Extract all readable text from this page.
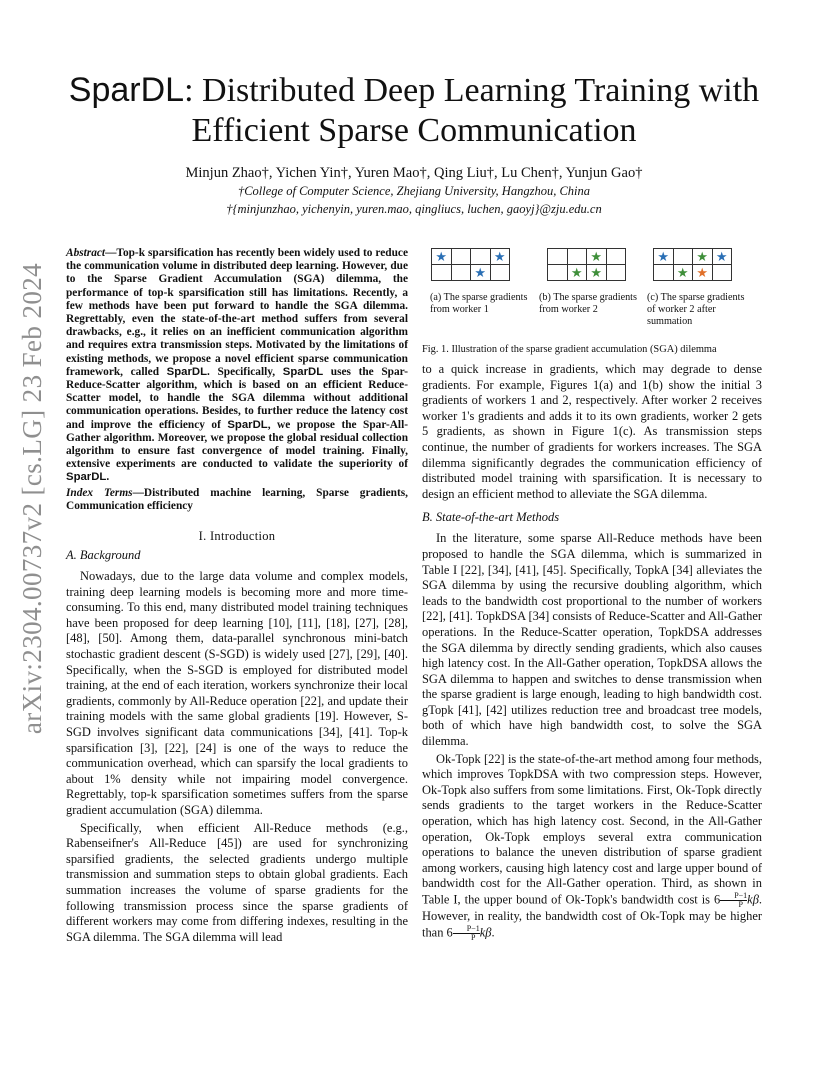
arXiv:2304.00737v2 [cs.LG] 23 Feb 2024
SparDL: Distributed Deep Learning Training with
Efficient Sparse Communication
Minjun Zhao†, Yichen Yin†, Yuren Mao†, Qing Liu†, Lu Chen†, Yunjun Gao†
†College of Computer Science, Zhejiang University, Hangzhou, China
†{minjunzhao, yichenyin, yuren.mao, qingliucs, luchen, gaoyj}@zju.edu.cn

Abstract—Top-k sparsification has recently been widely used to reduce the communication volume in distributed deep learning. However, due to the Sparse Gradient Accumulation (SGA) dilemma, the performance of top-k sparsification still has limitations. Recently, a few methods have been put forward to handle the SGA dilemma. Regrettably, even the state-of-the-art method suffers from several drawbacks, e.g., it relies on an inefficient communication algorithm and requires extra transmission steps. Motivated by the limitations of existing methods, we propose a novel efficient sparse communication framework, called SparDL. Specifically, SparDL uses the Spar-Reduce-Scatter algorithm, which is based on an efficient Reduce-Scatter model, to handle the SGA dilemma without additional communication operations. Besides, to further reduce the latency cost and improve the efficiency of SparDL, we propose the Spar-All-Gather algorithm. Moreover, we propose the global residual collection algorithm to ensure fast convergence of model training. Finally, extensive experiments are conducted to validate the superiority of SparDL.

Index Terms—Distributed machine learning, Sparse gradients, Communication efficiency

I. Introduction
A. Background

Nowadays, due to the large data volume and complex models, training deep learning models is becoming more and more time-consuming. To this end, many distributed model training techniques have been proposed for deep learning [10], [11], [18], [27], [28], [48], [50]. Among them, data-parallel synchronous mini-batch stochastic gradient descent (S-SGD) is widely used [27], [29], [40]. Specifically, when the S-SGD is employed for distributed model training, at the end of each iteration, workers synchronize their local gradients, commonly by All-Reduce operation [22], and update their training models with the same global gradients [19]. However, S-SGD involves significant data communications [34], [41]. Top-k sparsification [3], [22], [24] is one of the ways to reduce the communication overhead, which can sparsify the local gradients to about 1% density while not impairing model convergence. Regrettably, top-k sparsification sometimes suffers from the sparse gradient accumulation (SGA) dilemma.

Specifically, when efficient All-Reduce methods (e.g., Rabenseifner's All-Reduce [45]) are used for synchronizing sparsified gradients, the selected gradients undergo multiple transmission and summation steps to obtain global gradients. Each summation increases the volume of sparse gradients for the following transmission process since the sparse gradients of different workers may come from differing indexes, resulting in the SGA dilemma. The SGA dilemma will lead

★	★
★
★
★ ★
★ ★ ★
★ ★
(a) The sparse gradients from worker 1
(b) The sparse gradients from worker 2
(c) The sparse gradients of worker 2 after summation

Fig. 1. Illustration of the sparse gradient accumulation (SGA) dilemma

to a quick increase in gradients, which may degrade to dense gradients. For example, Figures 1(a) and 1(b) show the initial 3 gradients of workers 1 and 2, respectively. After worker 2 receives worker 1's gradients and adds it to its own gradients, worker 2 gets 5 gradients, as shown in Figure 1(c). As transmission steps continue, the number of gradients for workers increases. The SGA dilemma significantly degrades the communication efficiency of distributed model training with sparsification. It is necessary to design an efficient method to alleviate the SGA dilemma.

B. State-of-the-art Methods

In the literature, some sparse All-Reduce methods have been proposed to handle the SGA dilemma, which is summarized in Table I [22], [34], [41], [45]. Specifically, TopkA [34] alleviates the SGA dilemma by using the recursive doubling algorithm, which leads to the bandwidth cost proportional to the number of workers [22], [41]. TopkDSA [34] consists of Reduce-Scatter and All-Gather operations. In the Reduce-Scatter operation, TopkDSA addresses the SGA dilemma by directly sending gradients, which also causes high latency cost. In the All-Gather operation, TopkDSA allows the SGA dilemma to happen and switches to dense transmission when the sparse gradient is large enough, leading to high bandwidth cost. gTopk [41], [42] utilizes reduction tree and broadcast tree models, both of which have high bandwidth cost, to solve the SGA dilemma.

Ok-Topk [22] is the state-of-the-art method among four methods, which improves TopkDSA with two compression steps. However, Ok-Topk also suffers from some limitations. First, Ok-Topk directly sends gradients to the target workers in the Reduce-Scatter operation, which has high latency cost. Second, in the All-Gather operation, Ok-Topk employs several extra communication operations to balance the uneven distribution of sparse gradient among workers, causing high latency cost and large upper bound of bandwidth cost for the All-Gather operation. Third, as shown in Table I, the upper bound of Ok-Topk's bandwidth cost is $6 \frac{P-1}{P} k\beta$. However, in reality, the bandwidth cost of Ok-Topk may be higher than $6 \frac{P-1}{P} k\beta$.
